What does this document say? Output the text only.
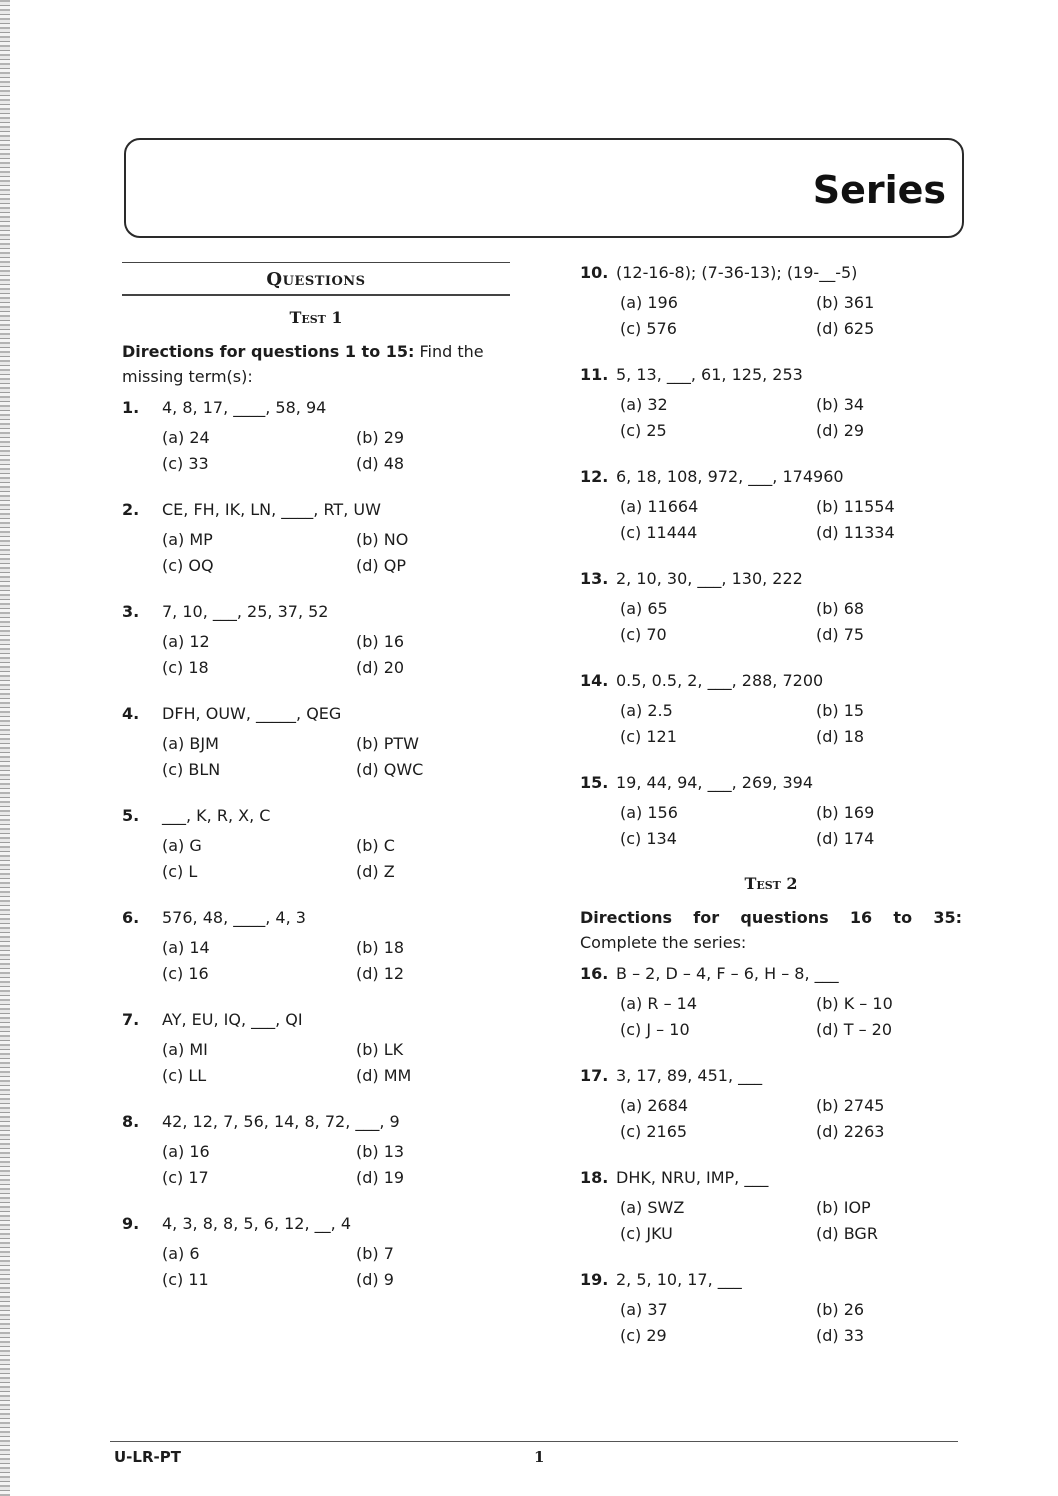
Series
Questions
Test 1
Directions for questions 1 to 15: Find the missing term(s):
1.	4, 8, 17, ____, 58, 94
(a) 24	(b) 29
(c) 33	(d) 48
2.	CE, FH, IK, LN, ____, RT, UW
(a) MP	(b) NO
(c) OQ	(d) QP
3.	7, 10, ___, 25, 37, 52
(a) 12	(b) 16
(c) 18	(d) 20
4.	DFH, OUW, _____, QEG
(a) BJM	(b) PTW
(c) BLN	(d) QWC
5.	___, K, R, X, C
(a) G	(b) C
(c) L	(d) Z
6.	576, 48, ____, 4, 3
(a) 14	(b) 18
(c) 16	(d) 12
7.	AY, EU, IQ, ___, QI
(a) MI	(b) LK
(c) LL	(d) MM
8.	42, 12, 7, 56, 14, 8, 72, ___, 9
(a) 16	(b) 13
(c) 17	(d) 19
9.	4, 3, 8, 8, 5, 6, 12, __, 4
(a) 6	(b) 7
(c) 11	(d) 9
10. (12-16-8); (7-36-13); (19-__-5)
(a) 196	(b) 361
(c) 576	(d) 625
11. 5, 13, ___, 61, 125, 253
(a) 32	(b) 34
(c) 25	(d) 29
12. 6, 18, 108, 972, ___, 174960
(a) 11664	(b) 11554
(c) 11444	(d) 11334
13. 2, 10, 30, ___, 130, 222
(a) 65	(b) 68
(c) 70	(d) 75
14. 0.5, 0.5, 2, ___, 288, 7200
(a) 2.5	(b) 15
(c) 121	(d) 18
15. 19, 44, 94, ___, 269, 394
(a) 156	(b) 169
(c) 134	(d) 174
Test 2
Directions for questions 16 to 35: Complete the series:
16. B – 2, D – 4, F – 6, H – 8, ___
(a) R – 14	(b) K – 10
(c) J – 10	(d) T – 20
17. 3, 17, 89, 451, ___
(a) 2684	(b) 2745
(c) 2165	(d) 2263
18. DHK, NRU, IMP, ___
(a) SWZ	(b) IOP
(c) JKU	(d) BGR
19. 2, 5, 10, 17, ___
(a) 37	(b) 26
(c) 29	(d) 33
U-LR-PT	1
